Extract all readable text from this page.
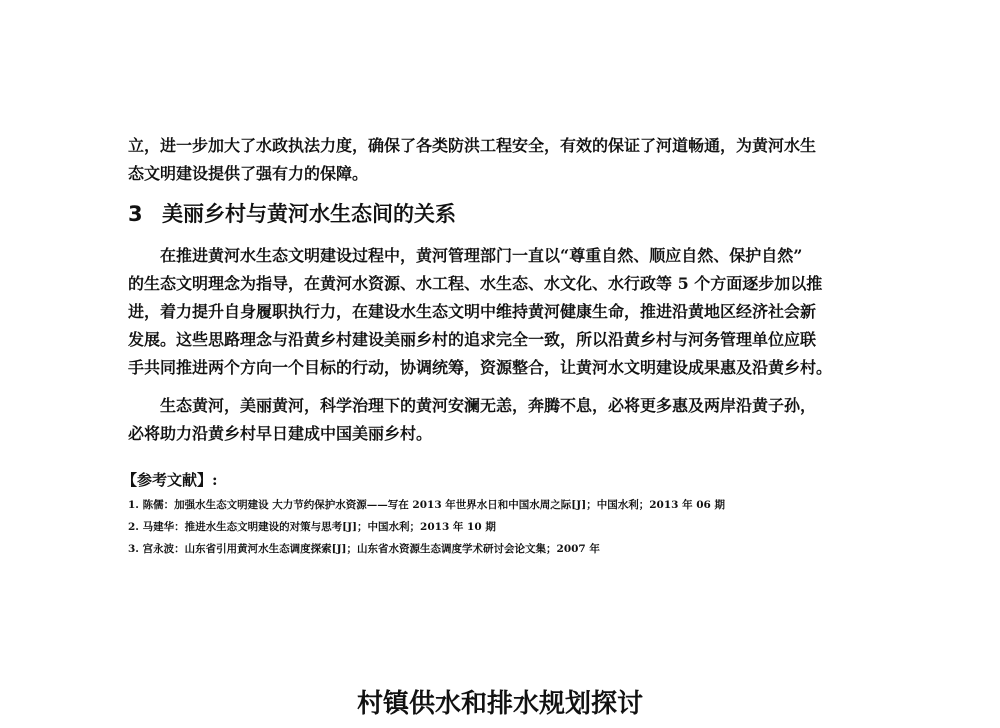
立，进一步加大了水政执法力度，确保了各类防洪工程安全，有效的保证了河道畅通，为黄河水生

态文明建设提供了强有力的保障。

3 美丽乡村与黄河水生态间的关系

在推进黄河水生态文明建设过程中，黄河管理部门一直以“尊重自然、顺应自然、保护自然”

的生态文明理念为指导，在黄河水资源、水工程、水生态、水文化、水行政等 5 个方面逐步加以推

进，着力提升自身履职执行力，在建设水生态文明中维持黄河健康生命，推进沿黄地区经济社会新

发展。这些思路理念与沿黄乡村建设美丽乡村的追求完全一致，所以沿黄乡村与河务管理单位应联

手共同推进两个方向一个目标的行动，协调统筹，资源整合，让黄河水文明建设成果惠及沿黄乡村。

生态黄河，美丽黄河，科学治理下的黄河安澜无恙，奔腾不息，必将更多惠及两岸沿黄子孙，

必将助力沿黄乡村早日建成中国美丽乡村。

【参考文献】:

1. 陈儒：加强水生态文明建设 大力节约保护水资源——写在 2013 年世界水日和中国水周之际[J]；中国水利；2013 年 06 期

2. 马建华：推进水生态文明建设的对策与思考[J]；中国水利；2013 年 10 期

3. 宫永波：山东省引用黄河水生态调度探索[J]；山东省水资源生态调度学术研讨会论文集；2007 年

村镇供水和排水规划探讨
